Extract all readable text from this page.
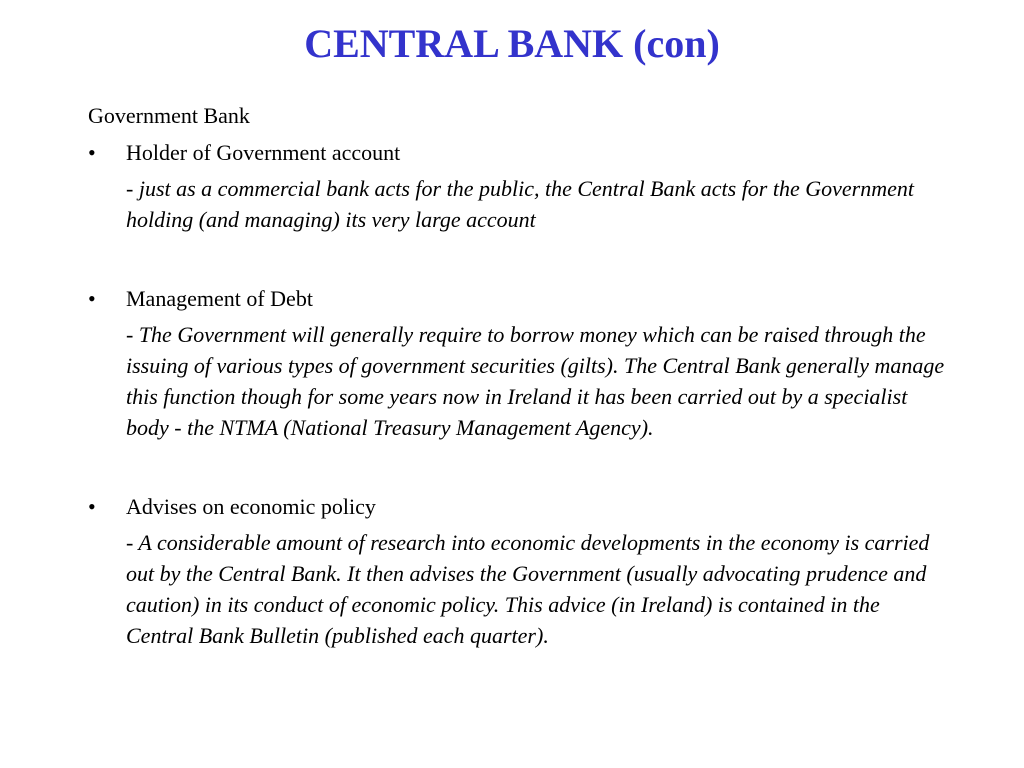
CENTRAL BANK (con)
Government Bank
• Holder of Government account
- just as a commercial bank acts for the public, the Central Bank acts for the Government holding (and managing) its very large account
• Management of Debt
- The Government will generally require to borrow money which can be raised through the issuing of various types of government securities (gilts). The Central Bank generally manage this function though for some years now in Ireland it has been carried out by a specialist body - the NTMA (National Treasury Management Agency).
• Advises on economic policy
- A considerable amount of research into economic developments in the economy is carried out by the Central Bank. It then advises the Government (usually advocating prudence and caution) in its conduct of economic policy. This advice (in Ireland) is contained in the Central Bank Bulletin (published each quarter).
